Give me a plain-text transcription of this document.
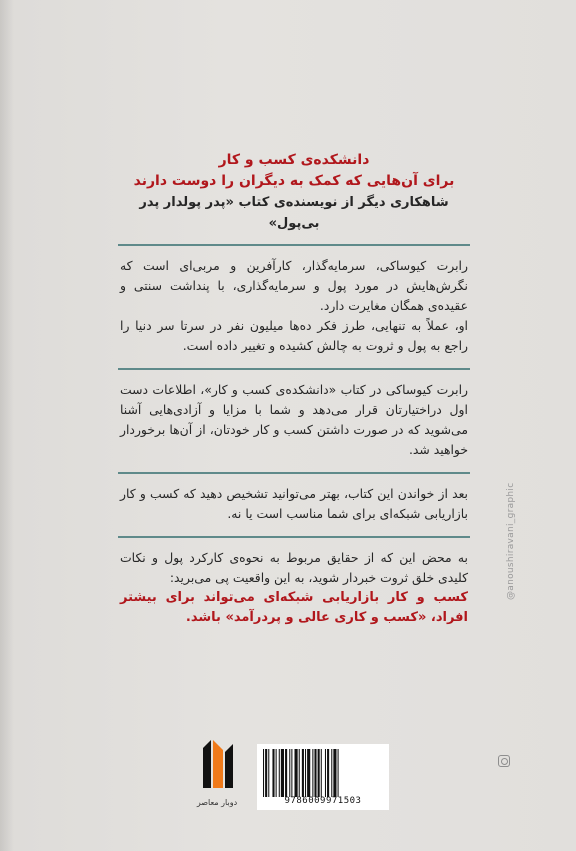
دانشکده‌ی کسب و کار
برای آن‌هایی که کمک به دیگران را دوست دارند
شاهکاری دیگر از نویسنده‌ی کتاب «پدر پولدار پدر بی‌پول»

رابرت کیوساکی، سرمایه‌گذار، کارآفرین و مربی‌ای است که نگرش‌هایش در مورد پول و سرمایه‌گذاری، با پنداشت سنتی و عقیده‌ی همگان مغایرت دارد.

او، عملاً به تنهایی، طرز فکر ده‌ها میلیون نفر در سرتا سر دنیا را راجع به پول و ثروت به چالش کشیده و تغییر داده است.

رابرت کیوساکی در کتاب «دانشکده‌ی کسب و کار»، اطلاعات دست اول دراختیارتان قرار می‌دهد و شما با مزایا و آزادی‌هایی آشنا می‌شوید که در صورت داشتن کسب و کار خودتان، از آن‌ها برخوردار خواهید شد.

بعد از خواندن این کتاب، بهتر می‌توانید تشخیص دهید که کسب و کار بازاریابی شبکه‌ای برای شما مناسب است یا نه.

به محض این که از حقایق مربوط به نحوه‌ی کارکرد پول و نکات کلیدی خلق ثروت خبردار شوید، به این واقعیت پی می‌برید:

کسب و کار بازاریابی شبکه‌ای می‌تواند برای بیشتر افراد، «کسب و کاری عالی و پردرآمد» باشد.

دوبار معاصر	9786009971503
@anoushiravani_graphic
